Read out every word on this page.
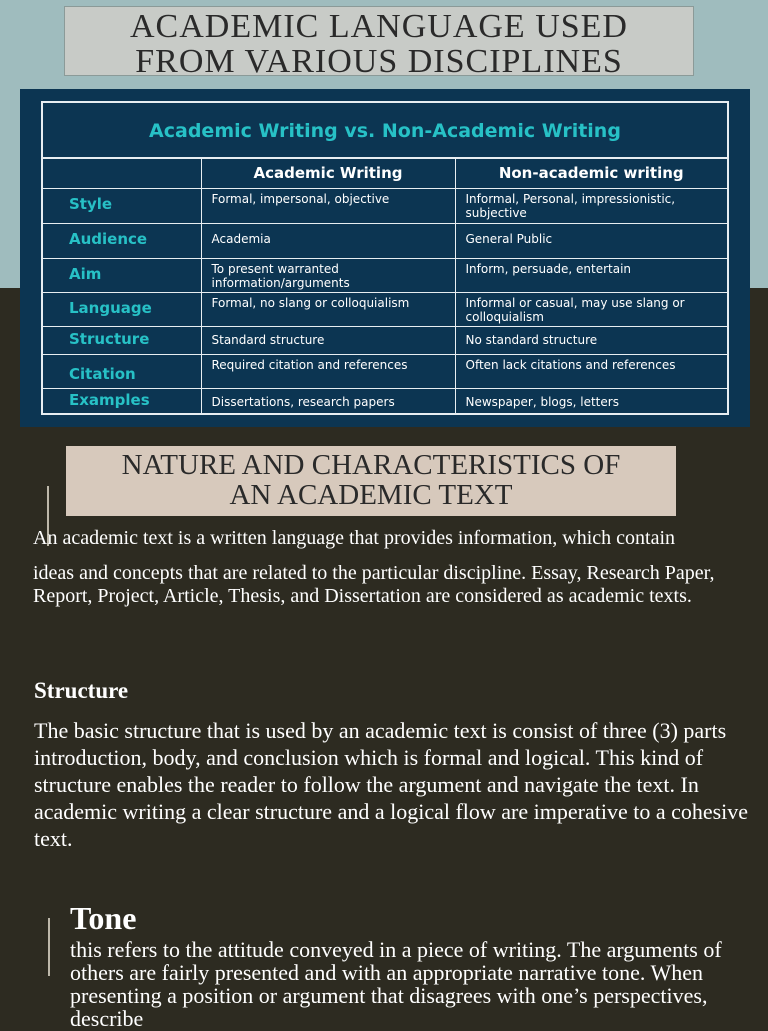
ACADEMIC LANGUAGE USED
FROM VARIOUS DISCIPLINES
Academic Writing vs. Non-Academic Writing
	Academic Writing	Non-academic writing
Style	Formal, impersonal, objective	Informal, Personal, impressionistic, subjective
Audience	Academia	General Public
Aim	To present warranted information/arguments	Inform, persuade, entertain
Language	Formal, no slang or colloquialism	Informal or casual, may use slang or colloquialism
Structure	Standard structure	No standard structure
Citation	Required citation and references	Often lack citations and references
Examples	Dissertations, research papers	Newspaper, blogs, letters
NATURE AND CHARACTERISTICS OF
AN ACADEMIC TEXT

An academic text is a written language that provides information, which contain
ideas and concepts that are related to the particular discipline. Essay, Research Paper, Report, Project, Article, Thesis, and Dissertation are considered as academic texts.

Structure

The basic structure that is used by an academic text is consist of three (3) parts introduction, body, and conclusion which is formal and logical. This kind of structure enables the reader to follow the argument and navigate the text. In academic writing a clear structure and a logical flow are imperative to a cohesive text.

Tone

this refers to the attitude conveyed in a piece of writing. The arguments of others are fairly presented and with an appropriate narrative tone. When presenting a position or argument that disagrees with one’s perspectives, describe
